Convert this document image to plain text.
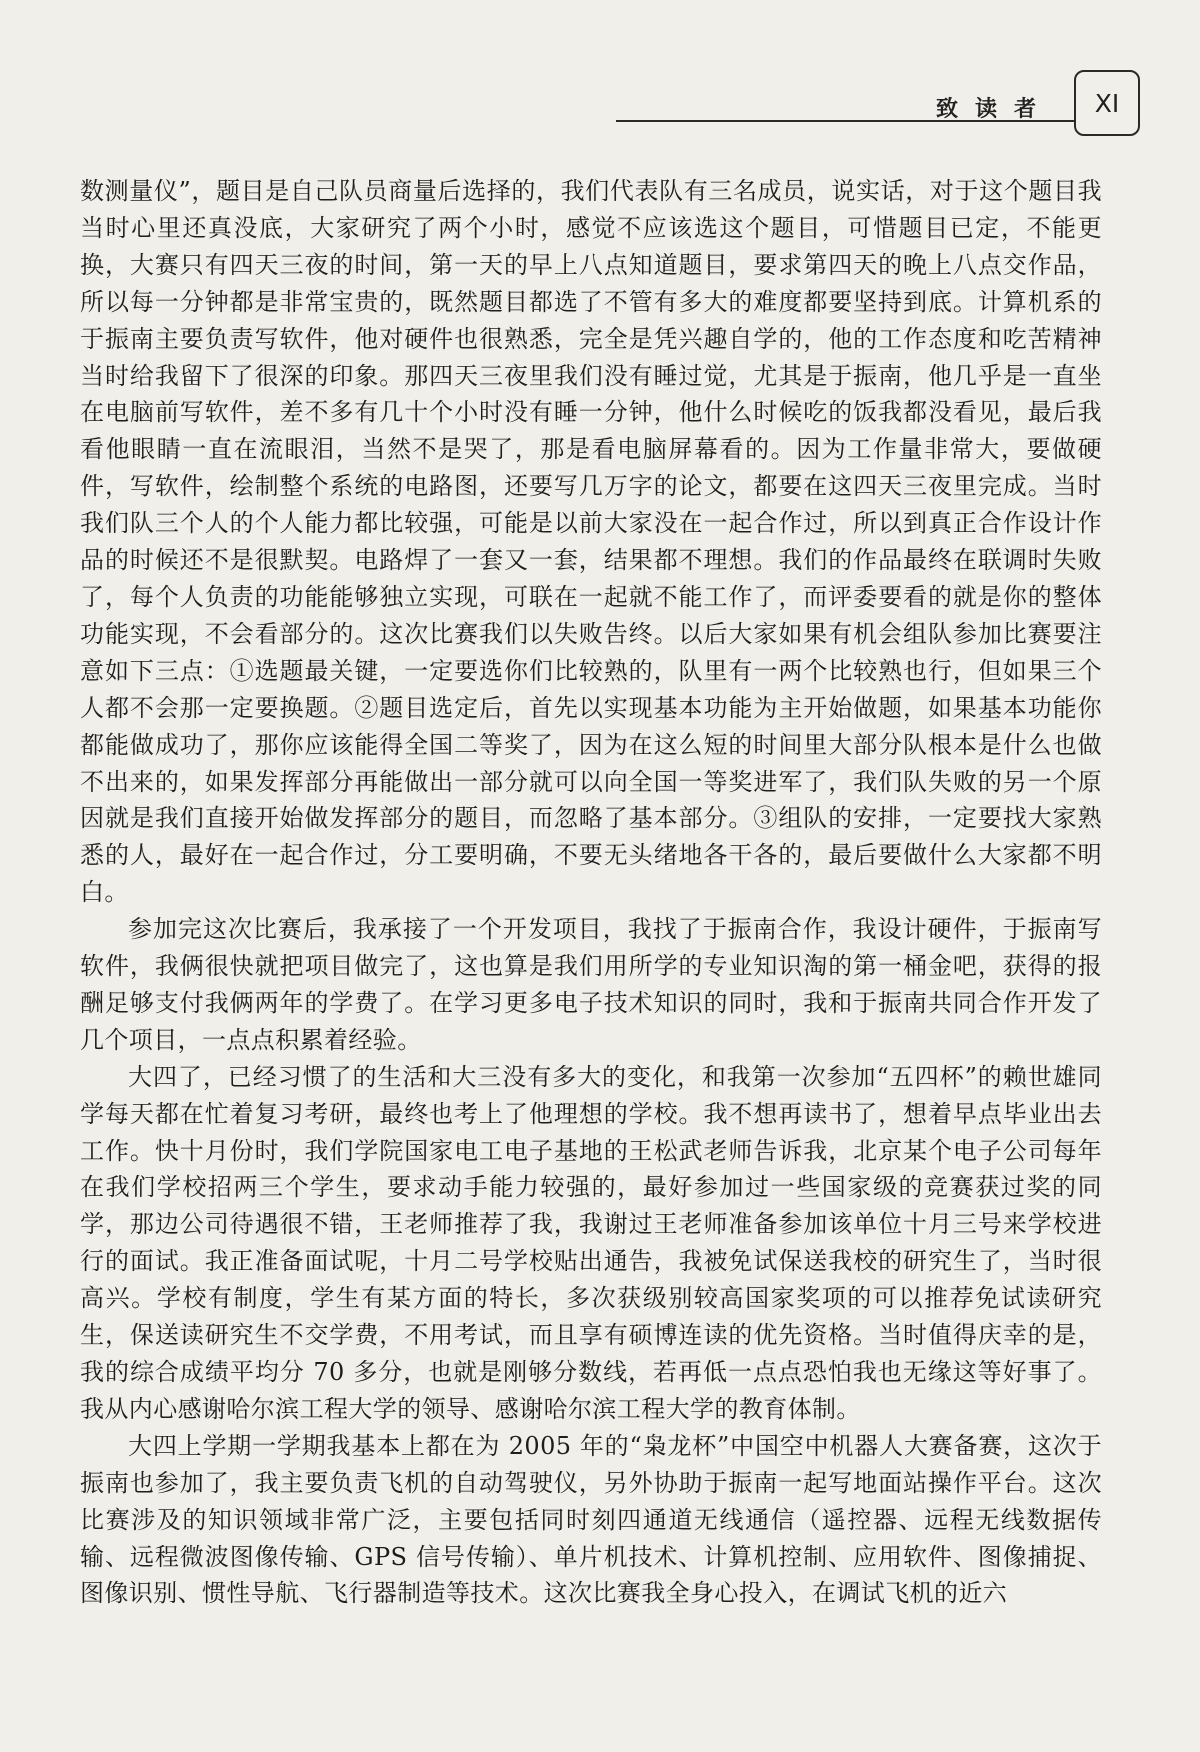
致读者	XI

数测量仪”，题目是自己队员商量后选择的，我们代表队有三名成员，说实话，对于这个题目我当时心里还真没底，大家研究了两个小时，感觉不应该选这个题目，可惜题目已定，不能更换，大赛只有四天三夜的时间，第一天的早上八点知道题目，要求第四天的晚上八点交作品，所以每一分钟都是非常宝贵的，既然题目都选了不管有多大的难度都要坚持到底。计算机系的于振南主要负责写软件，他对硬件也很熟悉，完全是凭兴趣自学的，他的工作态度和吃苦精神当时给我留下了很深的印象。那四天三夜里我们没有睡过觉，尤其是于振南，他几乎是一直坐在电脑前写软件，差不多有几十个小时没有睡一分钟，他什么时候吃的饭我都没看见，最后我看他眼睛一直在流眼泪，当然不是哭了，那是看电脑屏幕看的。因为工作量非常大，要做硬件，写软件，绘制整个系统的电路图，还要写几万字的论文，都要在这四天三夜里完成。当时我们队三个人的个人能力都比较强，可能是以前大家没在一起合作过，所以到真正合作设计作品的时候还不是很默契。电路焊了一套又一套，结果都不理想。我们的作品最终在联调时失败了，每个人负责的功能能够独立实现，可联在一起就不能工作了，而评委要看的就是你的整体功能实现，不会看部分的。这次比赛我们以失败告终。以后大家如果有机会组队参加比赛要注意如下三点：①选题最关键，一定要选你们比较熟的，队里有一两个比较熟也行，但如果三个人都不会那一定要换题。②题目选定后，首先以实现基本功能为主开始做题，如果基本功能你都能做成功了，那你应该能得全国二等奖了，因为在这么短的时间里大部分队根本是什么也做不出来的，如果发挥部分再能做出一部分就可以向全国一等奖进军了，我们队失败的另一个原因就是我们直接开始做发挥部分的题目，而忽略了基本部分。③组队的安排，一定要找大家熟悉的人，最好在一起合作过，分工要明确，不要无头绪地各干各的，最后要做什么大家都不明白。

参加完这次比赛后，我承接了一个开发项目，我找了于振南合作，我设计硬件，于振南写软件，我俩很快就把项目做完了，这也算是我们用所学的专业知识淘的第一桶金吧，获得的报酬足够支付我俩两年的学费了。在学习更多电子技术知识的同时，我和于振南共同合作开发了几个项目，一点点积累着经验。

大四了，已经习惯了的生活和大三没有多大的变化，和我第一次参加“五四杯”的赖世雄同学每天都在忙着复习考研，最终也考上了他理想的学校。我不想再读书了，想着早点毕业出去工作。快十月份时，我们学院国家电工电子基地的王松武老师告诉我，北京某个电子公司每年在我们学校招两三个学生，要求动手能力较强的，最好参加过一些国家级的竞赛获过奖的同学，那边公司待遇很不错，王老师推荐了我，我谢过王老师准备参加该单位十月三号来学校进行的面试。我正准备面试呢，十月二号学校贴出通告，我被免试保送我校的研究生了，当时很高兴。学校有制度，学生有某方面的特长，多次获级别较高国家奖项的可以推荐免试读研究生，保送读研究生不交学费，不用考试，而且享有硕博连读的优先资格。当时值得庆幸的是，我的综合成绩平均分 70 多分，也就是刚够分数线，若再低一点点恐怕我也无缘这等好事了。我从内心感谢哈尔滨工程大学的领导、感谢哈尔滨工程大学的教育体制。

大四上学期一学期我基本上都在为 2005 年的“枭龙杯”中国空中机器人大赛备赛，这次于振南也参加了，我主要负责飞机的自动驾驶仪，另外协助于振南一起写地面站操作平台。这次比赛涉及的知识领域非常广泛，主要包括同时刻四通道无线通信（遥控器、远程无线数据传输、远程微波图像传输、GPS 信号传输）、单片机技术、计算机控制、应用软件、图像捕捉、图像识别、惯性导航、飞行器制造等技术。这次比赛我全身心投入，在调试飞机的近六
